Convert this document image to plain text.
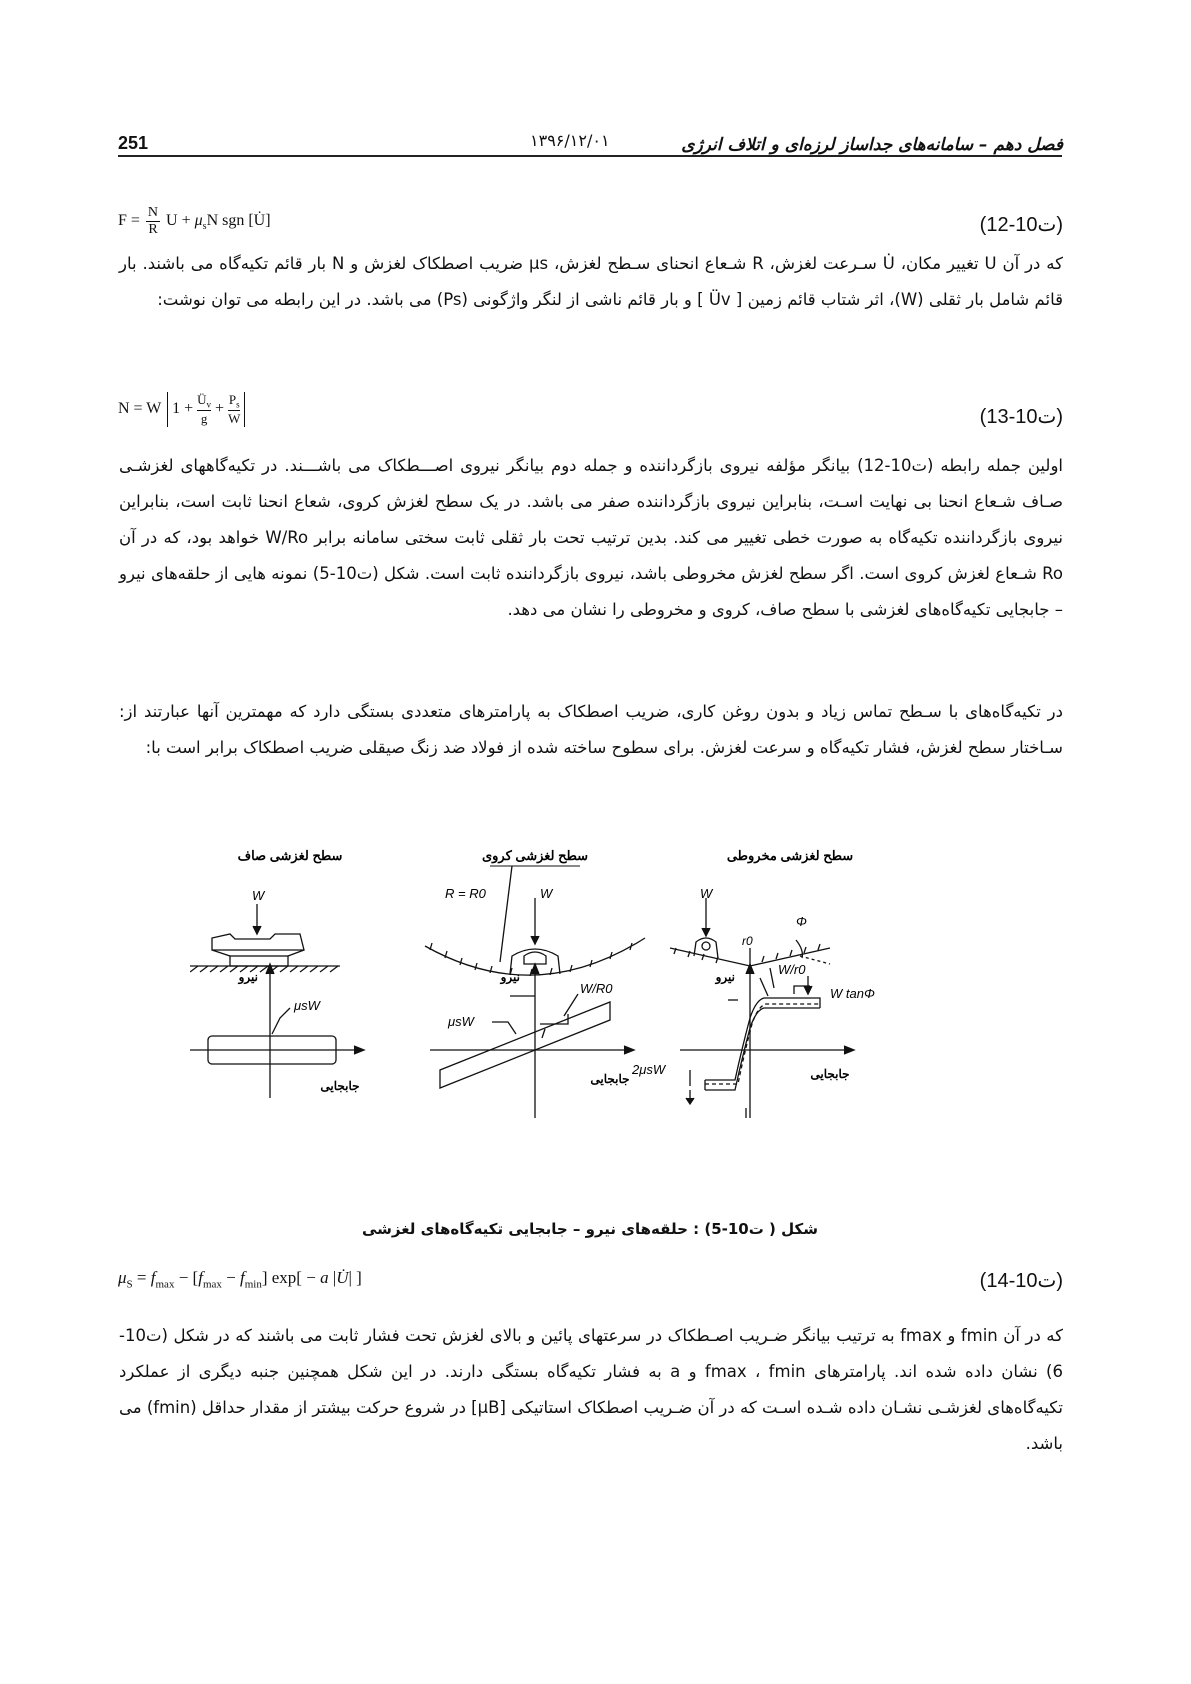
251	۱۳۹۶/۱۲/۰۱	فصل دهم – سامانه‌های جداساز لرزه‌ای و اتلاف انرژی
$F = \frac{N}{R}$ $U + \mu_sN$ sgn [U̇]	(ت10-12)

که در آن U تغییر مکان، U̇ سـرعت لغزش، R شـعاع انحنای سـطح لغزش، μs ضریب اصطکاک لغزش و N بار قائم تکیه‌گاه می باشند. بار قائم شامل بار ثقلی (W)، اثر شتاب قائم زمین [ Üv ] و بار قائم ناشی از لنگر واژگونی (Ps) می باشد. در این رابطه می توان نوشت:

N = W $1 + \frac{Ü_v}{g} + \frac{P_s}{W}$	(ت10-13)

اولین جمله رابطه (ت10-12) بیانگر مؤلفه نیروی بازگرداننده و جمله دوم بیانگر نیروی اصـــطکاک می باشـــند. در تکیه‌گاههای لغزشـی صـاف شـعاع انحنا بی نهایت اسـت، بنابراین نیروی بازگرداننده صفر می باشد. در یک سطح لغزش کروی، شعاع انحنا ثابت است، بنابراین نیروی بازگرداننده تکیه‌گاه به صورت خطی تغییر می کند. بدین ترتیب تحت بار ثقلی ثابت سختی سامانه برابر W/Ro خواهد بود، که در آن Ro شـعاع لغزش کروی است. اگر سطح لغزش مخروطی باشد، نیروی بازگرداننده ثابت است. شکل (ت10-5) نمونه هایی از حلقه‌های نیرو – جابجایی تکیه‌گاه‌های لغزشی با سطح صاف، کروی و مخروطی را نشان می دهد.

در تکیه‌گاه‌های با سـطح تماس زیاد و بدون روغن کاری، ضریب اصطکاک به پارامترهای متعددی بستگی دارد که مهمترین آنها عبارتند از: سـاختار سطح لغزش، فشار تکیه‌گاه و سرعت لغزش. برای سطوح ساخته شده از فولاد ضد زنگ صیقلی ضریب اصطکاک برابر است با:

سطح لغزشی صاف	سطح لغزشی کروی	سطح لغزشی مخروطی
W
نیرو
μsW
جابجایی
R = R0	W
نیرو
W/R0
μsW
جابجایی
W
r0
Φ
نیرو	W/r0
W tanΦ
2μsW	جابجایی
شکل ( ت10-5) : حلقه‌های نیرو – جابجایی تکیه‌گاه‌های لغزشی
$\mu_S = f_{max} - [f_{max} - f_{min}] \exp[ - a$ |U̇| ]	(ت10-14)

که در آن fmin و fmax به ترتیب بیانگر ضـریب اصـطکاک در سرعتهای پائین و بالای لغزش تحت فشار ثابت می باشند که در شکل (ت10-6) نشان داده شده اند. پارامترهای fmax ، fmin و a به فشار تکیه‌گاه بستگی دارند. در این شکل همچنین جنبه دیگری از عملکرد تکیه‌گاه‌های لغزشـی نشـان داده شـده اسـت که در آن ضـریب اصطکاک استاتیکی [μB] در شروع حرکت بیشتر از مقدار حداقل (fmin) می باشد.
